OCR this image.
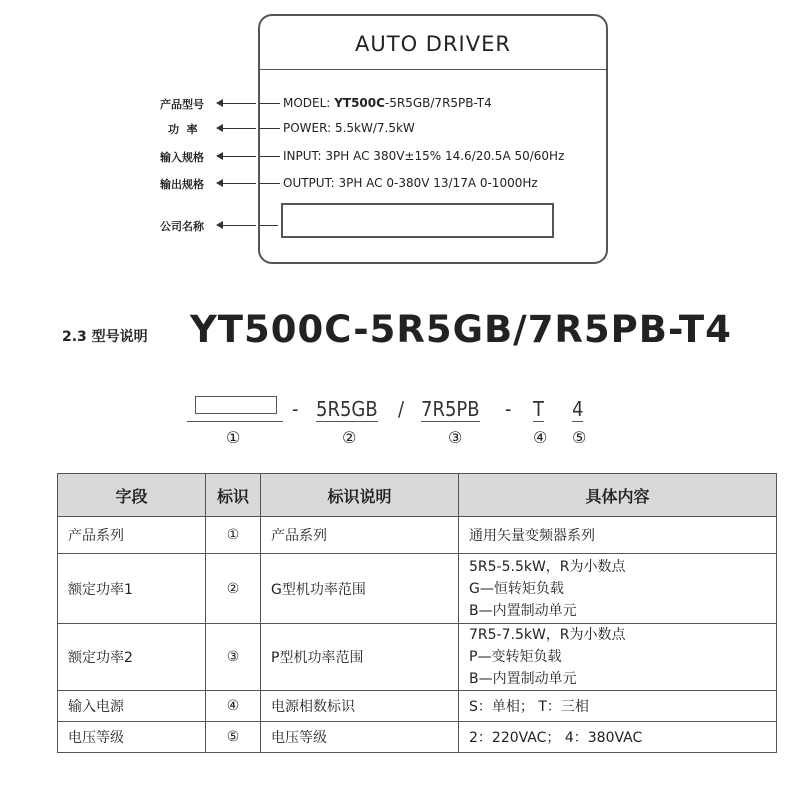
AUTO DRIVER
产品型号
功  率
输入规格
输出规格
公司名称
MODEL: YT500C-5R5GB/7R5PB-T4
POWER: 5.5kW/7.5kW
INPUT: 3PH AC 380V±15% 14.6/20.5A 50/60Hz
OUTPUT: 3PH AC 0-380V 13/17A 0-1000Hz
2.3 型号说明 YT500C-5R5GB/7R5PB-T4
- 5R5GB / 7R5PB - T 4
①	②	③	④ ⑤
字段	标识	标识说明	具体内容
产品系列	①	产品系列	通用矢量变频器系列
额定功率1	②	G型机功率范围	5R5-5.5kW，R为小数点
G—恒转矩负载
B—内置制动单元

额定功率2	③	P型机功率范围	7R5-7.5kW，R为小数点
P—变转矩负载
B—内置制动单元

输入电源	④	电源相数标识	S：单相； T：三相
电压等级	⑤	电压等级	2：220VAC； 4：380VAC
